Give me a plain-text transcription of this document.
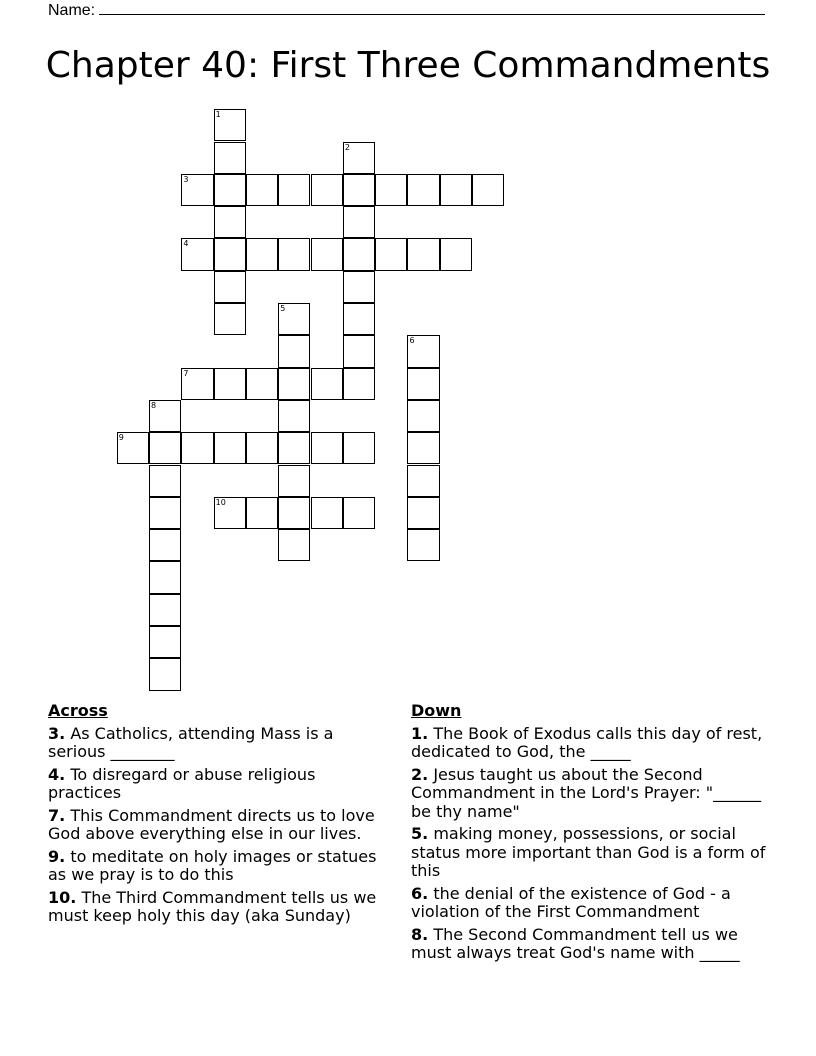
Name:
Chapter 40: First Three Commandments
1
2
3
4
5
6
7
8
9
10
Across
3. As Catholics, attending Mass is a serious ________
4. To disregard or abuse religious practices
7. This Commandment directs us to love God above everything else in our lives.
9. to meditate on holy images or statues as we pray is to do this
10. The Third Commandment tells us we must keep holy this day (aka Sunday)
Down
1. The Book of Exodus calls this day of rest, dedicated to God, the _____
2. Jesus taught us about the Second Commandment in the Lord's Prayer: "______ be thy name"
5. making money, possessions, or social status more important than God is a form of this
6. the denial of the existence of God - a violation of the First Commandment
8. The Second Commandment tell us we must always treat God's name with _____
